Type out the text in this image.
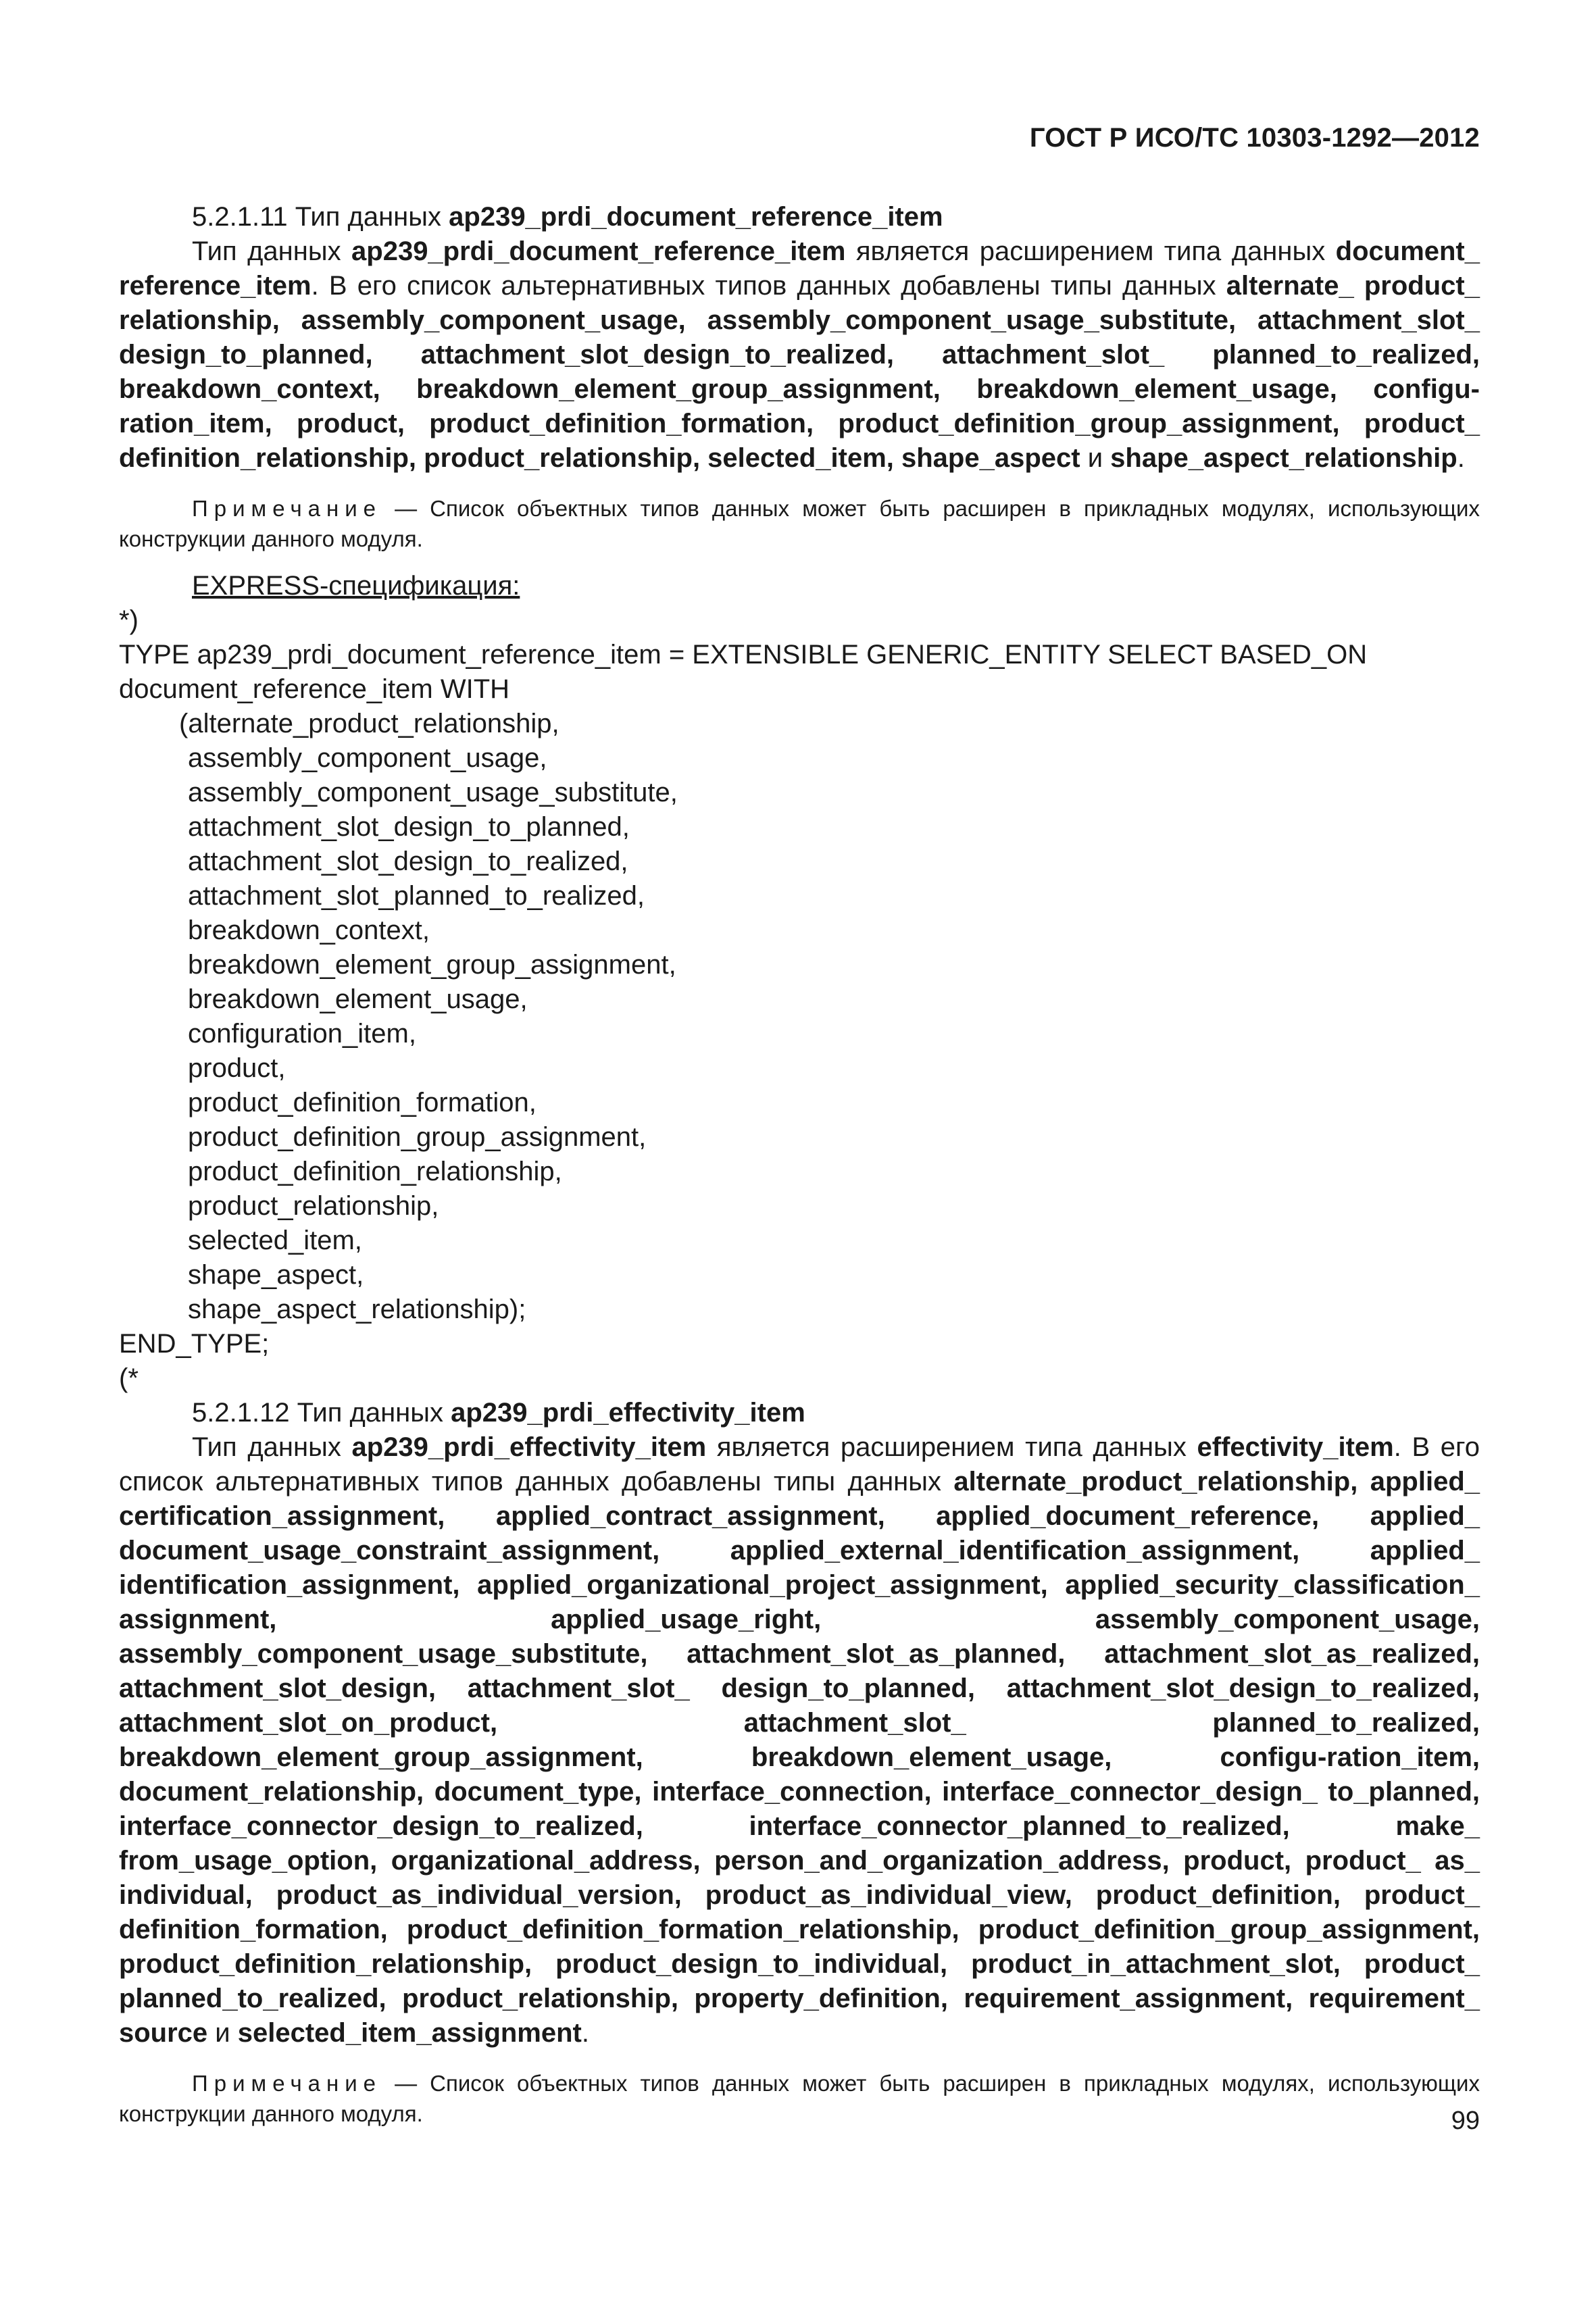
ГОСТ Р ИСО/ТС 10303-1292—2012

5.2.1.11 Тип данных ap239_prdi_document_reference_item

Тип данных ap239_prdi_document_reference_item является расширением типа данных document_ reference_item. В его список альтернативных типов данных добавлены типы данных alternate_ product_ relationship, assembly_component_usage, assembly_component_usage_substitute, attachment_slot_ design_to_planned, attachment_slot_design_to_realized, attachment_slot_ planned_to_realized, breakdown_context, breakdown_element_group_assignment, breakdown_element_usage, configu-ration_item, product, product_definition_formation, product_definition_group_assignment, product_ definition_relationship, product_relationship, selected_item, shape_aspect и shape_aspect_relationship.

Примечание — Список объектных типов данных может быть расширен в прикладных модулях, использующих конструкции данного модуля.

EXPRESS-спецификация:

*)

TYPE ap239_prdi_document_reference_item = EXTENSIBLE GENERIC_ENTITY SELECT BASED_ON

document_reference_item WITH

(alternate_product_relationship,
assembly_component_usage,
assembly_component_usage_substitute,
attachment_slot_design_to_planned,
attachment_slot_design_to_realized,
attachment_slot_planned_to_realized,
breakdown_context,
breakdown_element_group_assignment,
breakdown_element_usage,
configuration_item,
product,
product_definition_formation,
product_definition_group_assignment,
product_definition_relationship,
product_relationship,
selected_item,
shape_aspect,
shape_aspect_relationship);

END_TYPE;

(*

5.2.1.12 Тип данных ap239_prdi_effectivity_item

Тип данных ap239_prdi_effectivity_item является расширением типа данных effectivity_item. В его список альтернативных типов данных добавлены типы данных alternate_product_relationship, applied_ certification_assignment, applied_contract_assignment, applied_document_reference, applied_ document_usage_constraint_assignment, applied_external_identification_assignment, applied_ identification_assignment, applied_organizational_project_assignment, applied_security_classification_ assignment, applied_usage_right, assembly_component_usage, assembly_component_usage_substitute, attachment_slot_as_planned, attachment_slot_as_realized, attachment_slot_design, attachment_slot_ design_to_planned, attachment_slot_design_to_realized, attachment_slot_on_product, attachment_slot_ planned_to_realized, breakdown_element_group_assignment, breakdown_element_usage, configu-ration_item, document_relationship, document_type, interface_connection, interface_connector_design_ to_planned, interface_connector_design_to_realized, interface_connector_planned_to_realized, make_ from_usage_option, organizational_address, person_and_organization_address, product, product_ as_ individual, product_as_individual_version, product_as_individual_view, product_definition, product_ definition_formation, product_definition_formation_relationship, product_definition_group_assignment, product_definition_relationship, product_design_to_individual, product_in_attachment_slot, product_ planned_to_realized, product_relationship, property_definition, requirement_assignment, requirement_ source и selected_item_assignment.

Примечание — Список объектных типов данных может быть расширен в прикладных модулях, использующих конструкции данного модуля.	99
